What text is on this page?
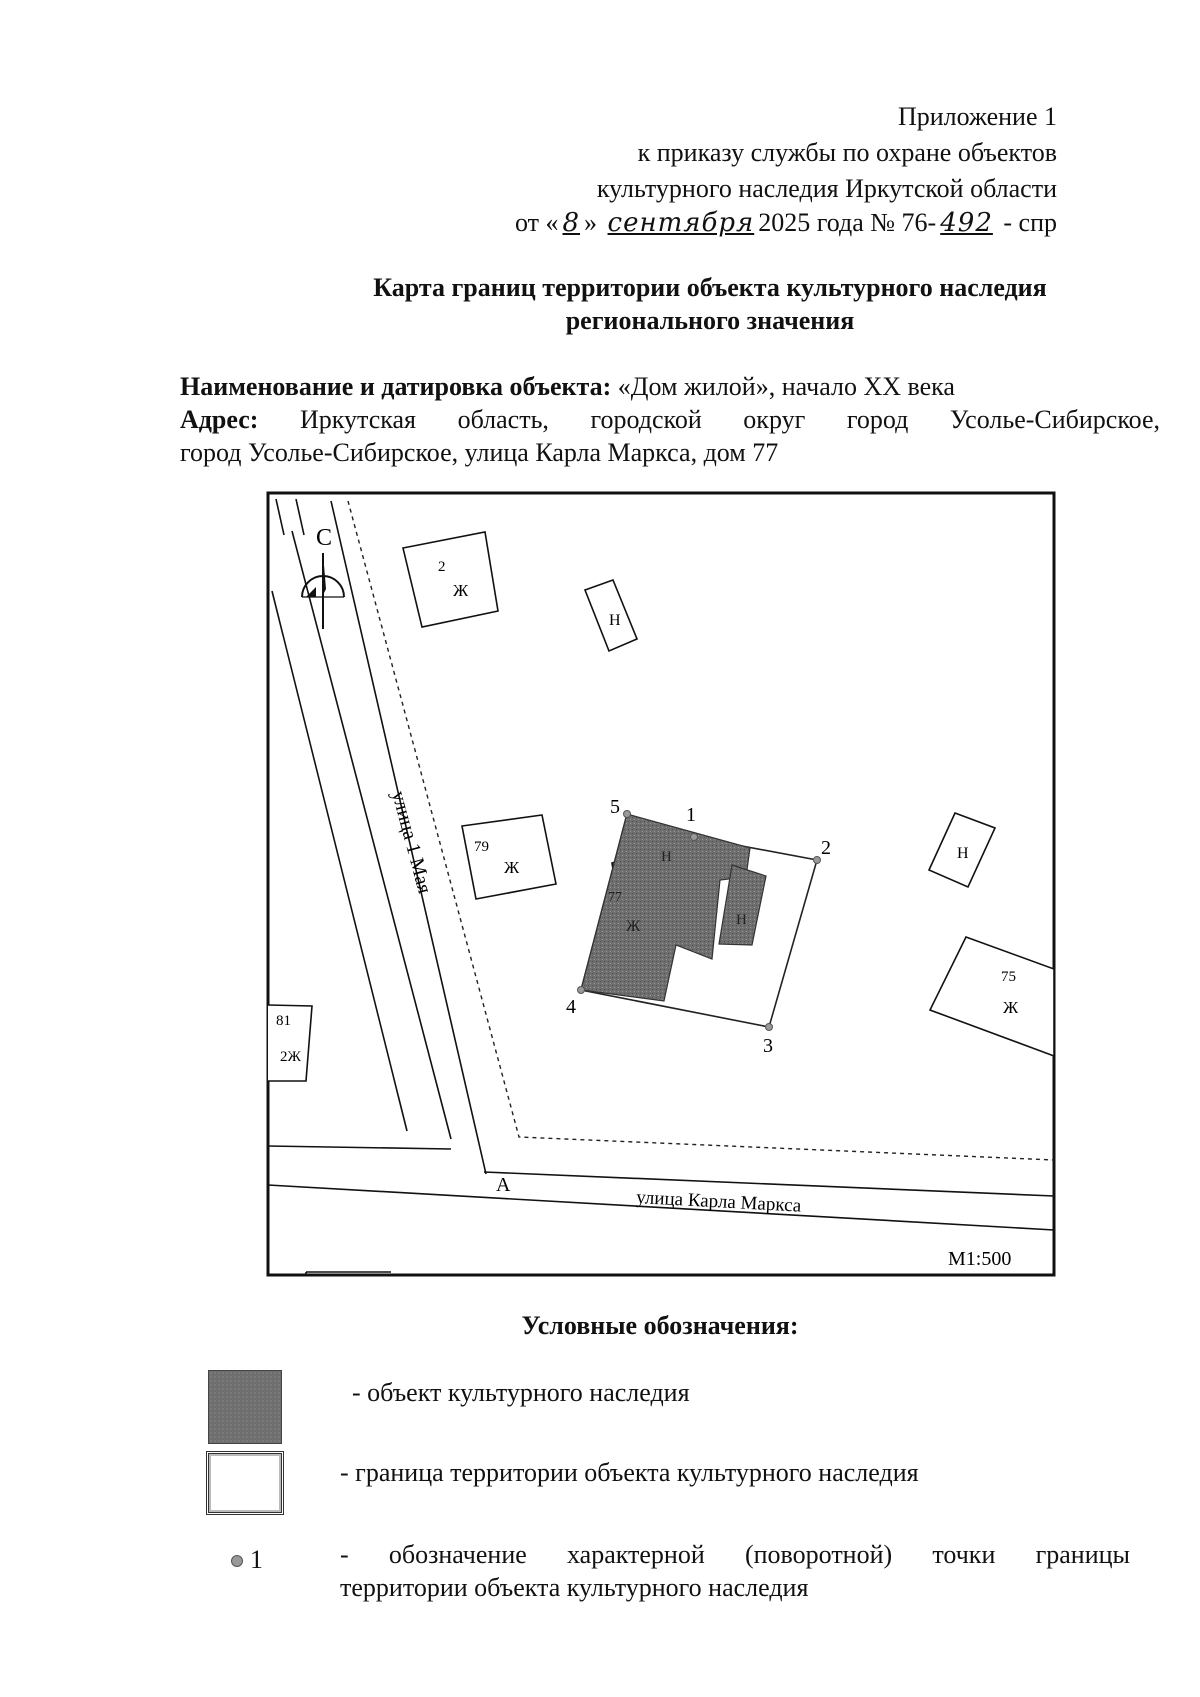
Приложение 1
к приказу службы по охране объектов
культурного наследия Иркутской области
от « 8 » сентября 2025 года № 76- 492 - спр
Карта границ территории объекта культурного наследия
регионального значения
Наименование и датировка объекта: «Дом жилой», начало XX века
Адрес: Иркутская область, городской округ город Усолье-Сибирское,
город Усолье-Сибирское, улица Карла Маркса, дом 77
С
2
Ж
Н
79
Ж
Н
Н
77
Ж
1
2
3
4
5
Н
75
Ж
81
2Ж
улица 1 Мая
улица Карла Маркса
А
М1:500
Условные обозначения:
- объект культурного наследия
- граница территории объекта культурного наследия
1	- обозначение характерной (поворотной) точки границы
территории объекта культурного наследия
